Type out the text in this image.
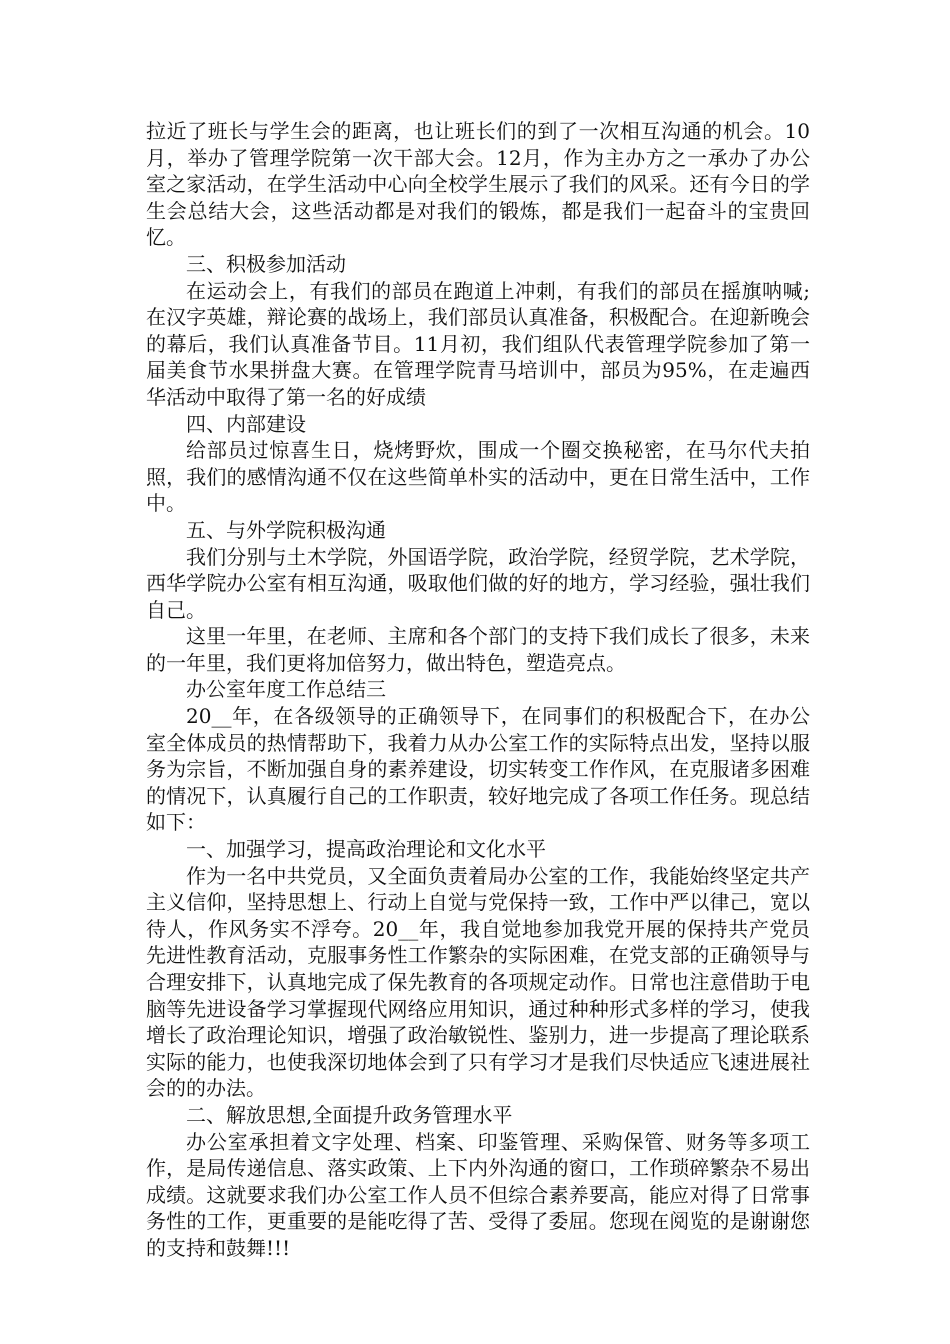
拉近了班长与学生会的距离，也让班长们的到了一次相互沟通的机会。10月，举办了管理学院第一次干部大会。12月，作为主办方之一承办了办公室之家活动，在学生活动中心向全校学生展示了我们的风采。还有今日的学生会总结大会，这些活动都是对我们的锻炼，都是我们一起奋斗的宝贵回忆。

三、积极参加活动

在运动会上，有我们的部员在跑道上冲刺，有我们的部员在摇旗呐喊;在汉字英雄，辩论赛的战场上，我们部员认真准备，积极配合。在迎新晚会的幕后，我们认真准备节目。11月初，我们组队代表管理学院参加了第一届美食节水果拼盘大赛。在管理学院青马培训中，部员为95%，在走遍西华活动中取得了第一名的好成绩

四、内部建设

给部员过惊喜生日，烧烤野炊，围成一个圈交换秘密，在马尔代夫拍照，我们的感情沟通不仅在这些简单朴实的活动中，更在日常生活中，工作中。

五、与外学院积极沟通

我们分别与土木学院，外国语学院，政治学院，经贸学院，艺术学院，西华学院办公室有相互沟通，吸取他们做的好的地方，学习经验，强壮我们自己。

这里一年里，在老师、主席和各个部门的支持下我们成长了很多，未来的一年里，我们更将加倍努力，做出特色，塑造亮点。

办公室年度工作总结三

20__年，在各级领导的正确领导下，在同事们的积极配合下，在办公室全体成员的热情帮助下，我着力从办公室工作的实际特点出发，坚持以服务为宗旨，不断加强自身的素养建设，切实转变工作作风，在克服诸多困难的情况下，认真履行自己的工作职责，较好地完成了各项工作任务。现总结如下：

一、加强学习，提高政治理论和文化水平

作为一名中共党员，又全面负责着局办公室的工作，我能始终坚定共产主义信仰，坚持思想上、行动上自觉与党保持一致，工作中严以律己，宽以待人，作风务实不浮夸。20__年，我自觉地参加我党开展的保持共产党员先进性教育活动，克服事务性工作繁杂的实际困难，在党支部的正确领导与合理安排下，认真地完成了保先教育的各项规定动作。日常也注意借助于电脑等先进设备学习掌握现代网络应用知识，通过种种形式多样的学习，使我增长了政治理论知识，增强了政治敏锐性、鉴别力，进一步提高了理论联系实际的能力，也使我深切地体会到了只有学习才是我们尽快适应飞速进展社会的的办法。

二、解放思想,全面提升政务管理水平

办公室承担着文字处理、档案、印鉴管理、采购保管、财务等多项工作，是局传递信息、落实政策、上下内外沟通的窗口，工作琐碎繁杂不易出成绩。这就要求我们办公室工作人员不但综合素养要高，能应对得了日常事务性的工作，更重要的是能吃得了苦、受得了委屈。您现在阅览的是谢谢您的支持和鼓舞!!!
